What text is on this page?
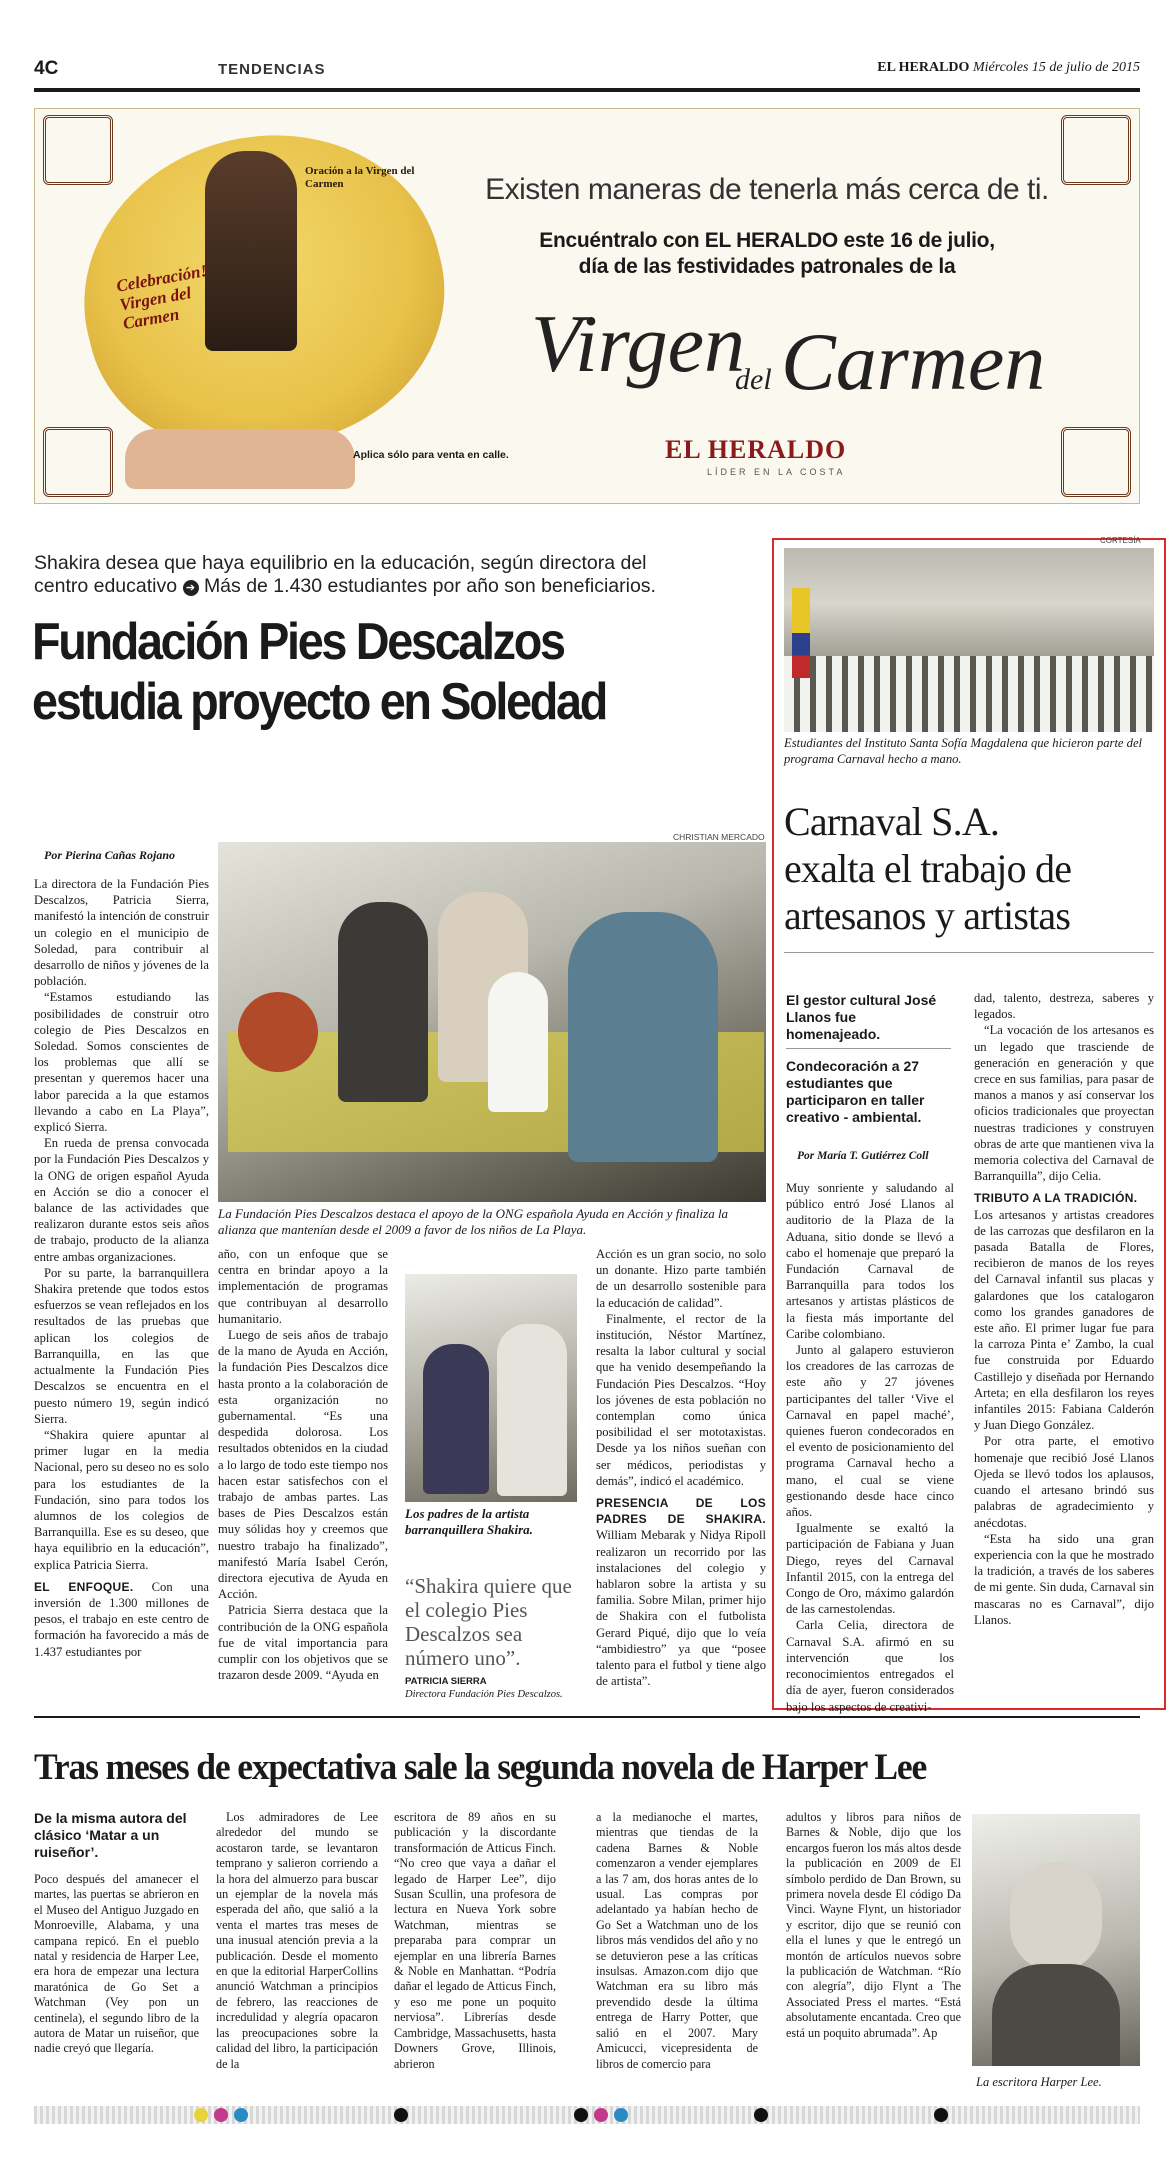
4C	TENDENCIAS	EL HERALDO Miércoles 15 de julio de 2015
Oración a la Virgen del Carmen
Celebración! Virgen del Carmen
Aplica sólo para venta en calle.
Existen maneras de tenerla más cerca de ti.
Encuéntralo con EL HERALDO este 16 de julio,
día de las festividades patronales de la
Virgen
del Carmen
EL HERALDO
LÍDER EN LA COSTA
Shakira desea que haya equilibrio en la educación, según directora del
centro educativo ➔ Más de 1.430 estudiantes por año son beneficiarios.
Fundación Pies Descalzos
estudia proyecto en Soledad
CHRISTIAN MERCADO
La Fundación Pies Descalzos destaca el apoyo de la ONG española Ayuda en Acción y finaliza la alianza que mantenían desde el 2009 a favor de los niños de La Playa.
Por Pierina Cañas Rojano

La directora de la Fundación Pies Descalzos, Patricia Sierra, manifestó la intención de construir un colegio en el municipio de Soledad, para contribuir al desarrollo de niños y jóvenes de la población.

“Estamos estudiando las posibilidades de construir otro colegio de Pies Descalzos en Soledad. Somos conscientes de los problemas que allí se presentan y queremos hacer una labor parecida a la que estamos llevando a cabo en La Playa”, explicó Sierra.

En rueda de prensa convocada por la Fundación Pies Descalzos y la ONG de origen español Ayuda en Acción se dio a conocer el balance de las actividades que realizaron durante estos seis años de trabajo, producto de la alianza entre ambas organizaciones.

Por su parte, la barranquillera Shakira pretende que todos estos esfuerzos se vean reflejados en los resultados de las pruebas que aplican los colegios de Barranquilla, en las que actualmente la Fundación Pies Descalzos se encuentra en el puesto número 19, según indicó Sierra.

“Shakira quiere apuntar al primer lugar en la media Nacional, pero su deseo no es solo para los estudiantes de la Fundación, sino para todos los alumnos de los colegios de Barranquilla. Ese es su deseo, que haya equilibrio en la educación”, explica Patricia Sierra.

EL ENFOQUE. Con una inversión de 1.300 millones de pesos, el trabajo en este centro de formación ha favorecido a más de 1.437 estudiantes por

año, con un enfoque que se centra en brindar apoyo a la implementación de programas que contribuyan al desarrollo humanitario.

Luego de seis años de trabajo de la mano de Ayuda en Acción, la fundación Pies Descalzos dice hasta pronto a la colaboración de esta organización no gubernamental. “Es una despedida dolorosa. Los resultados obtenidos en la ciudad a lo largo de todo este tiempo nos hacen estar satisfechos con el trabajo de ambas partes. Las bases de Pies Descalzos están muy sólidas hoy y creemos que nuestro trabajo ha finalizado”, manifestó María Isabel Cerón, directora ejecutiva de Ayuda en Acción.

Patricia Sierra destaca que la contribución de la ONG española fue de vital importancia para cumplir con los objetivos que se trazaron desde 2009. “Ayuda en

Los padres de la artista barranquillera Shakira.
“Shakira quiere que el colegio Pies Descalzos sea número uno”.
PATRICIA SIERRA
Directora Fundación Pies Descalzos.

Acción es un gran socio, no solo un donante. Hizo parte también de un desarrollo sostenible para la educación de calidad”.

Finalmente, el rector de la institución, Néstor Martínez, resalta la labor cultural y social que ha venido desempeñando la Fundación Pies Descalzos. “Hoy los jóvenes de esta población no contemplan como única posibilidad el ser mototaxistas. Desde ya los niños sueñan con ser médicos, periodistas y demás”, indicó el académico.

PRESENCIA DE LOS PADRES DE SHAKIRA. William Mebarak y Nidya Ripoll realizaron un recorrido por las instalaciones del colegio y hablaron sobre la artista y su familia. Sobre Milan, primer hijo de Shakira con el futbolista Gerard Piqué, dijo que lo veía “ambidiestro” ya que “posee talento para el futbol y tiene algo de artista”.

CORTESÍA
Estudiantes del Instituto Santa Sofía Magdalena que hicieron parte del programa Carnaval hecho a mano.
Carnaval S.A.
exalta el trabajo de
artesanos y artistas
El gestor cultural José Llanos fue homenajeado.
Condecoración a 27 estudiantes que participaron en taller creativo - ambiental.
Por María T. Gutiérrez Coll

Muy sonriente y saludando al público entró José Llanos al auditorio de la Plaza de la Aduana, sitio donde se llevó a cabo el homenaje que preparó la Fundación Carnaval de Barranquilla para todos los artesanos y artistas plásticos de la fiesta más importante del Caribe colombiano.

Junto al galapero estuvieron los creadores de las carrozas de este año y 27 jóvenes participantes del taller ‘Vive el Carnaval en papel maché’, quienes fueron condecorados en el evento de posicionamiento del programa Carnaval hecho a mano, el cual se viene gestionando desde hace cinco años.

Igualmente se exaltó la participación de Fabiana y Juan Diego, reyes del Carnaval Infantil 2015, con la entrega del Congo de Oro, máximo galardón de las carnestolendas.

Carla Celia, directora de Carnaval S.A. afirmó en su intervención que los reconocimientos entregados el día de ayer, fueron considerados bajo los aspectos de creativi-

dad, talento, destreza, saberes y legados.

“La vocación de los artesanos es un legado que trasciende de generación en generación y que crece en sus familias, para pasar de manos a manos y así conservar los oficios tradicionales que proyectan nuestras tradiciones y construyen obras de arte que mantienen viva la memoria colectiva del Carnaval de Barranquilla”, dijo Celia.

TRIBUTO A LA TRADICIÓN.

Los artesanos y artistas creadores de las carrozas que desfilaron en la pasada Batalla de Flores, recibieron de manos de los reyes del Carnaval infantil sus placas y galardones que los catalogaron como los grandes ganadores de este año. El primer lugar fue para la carroza Pinta e’ Zambo, la cual fue construida por Eduardo Castillejo y diseñada por Hernando Arteta; en ella desfilaron los reyes infantiles 2015: Fabiana Calderón y Juan Diego González.

Por otra parte, el emotivo homenaje que recibió José Llanos Ojeda se llevó todos los aplausos, cuando el artesano brindó sus palabras de agradecimiento y anécdotas.

“Esta ha sido una gran experiencia con la que he mostrado la tradición, a través de los saberes de mi gente. Sin duda, Carnaval sin mascaras no es Carnaval”, dijo Llanos.

Tras meses de expectativa sale la segunda novela de Harper Lee
De la misma autora del clásico ‘Matar a un ruiseñor’.

Poco después del amanecer el martes, las puertas se abrieron en el Museo del Antiguo Juzgado en Monroeville, Alabama, y una campana repicó. En el pueblo natal y residencia de Harper Lee, era hora de empezar una lectura maratónica de Go Set a Watchman (Vey pon un centinela), el segundo libro de la autora de Matar un ruiseñor, que nadie creyó que llegaría.

Los admiradores de Lee alrededor del mundo se acostaron tarde, se levantaron temprano y salieron corriendo a la hora del almuerzo para buscar un ejemplar de la novela más esperada del año, que salió a la venta el martes tras meses de una inusual atención previa a la publicación. Desde el momento en que la editorial HarperCollins anunció Watchman a principios de febrero, las reacciones de incredulidad y alegría opacaron las preocupaciones sobre la calidad del libro, la participación de la

escritora de 89 años en su publicación y la discordante transformación de Atticus Finch. “No creo que vaya a dañar el legado de Harper Lee”, dijo Susan Scullin, una profesora de lectura en Nueva York sobre Watchman, mientras se preparaba para comprar un ejemplar en una librería Barnes & Noble en Manhattan. “Podría dañar el legado de Atticus Finch, y eso me pone un poquito nerviosa”. Librerías desde Cambridge, Massachusetts, hasta Downers Grove, Illinois, abrieron

a la medianoche el martes, mientras que tiendas de la cadena Barnes & Noble comenzaron a vender ejemplares a las 7 am, dos horas antes de lo usual. Las compras por adelantado ya habían hecho de Go Set a Watchman uno de los libros más vendidos del año y no se detuvieron pese a las críticas insulsas. Amazon.com dijo que Watchman era su libro más prevendido desde la última entrega de Harry Potter, que salió en el 2007. Mary Amicucci, vicepresidenta de libros de comercio para

adultos y libros para niños de Barnes & Noble, dijo que los encargos fueron los más altos desde la publicación en 2009 de El símbolo perdido de Dan Brown, su primera novela desde El código Da Vinci. Wayne Flynt, un historiador y escritor, dijo que se reunió con ella el lunes y que le entregó un montón de artículos nuevos sobre la publicación de Watchman. “Río con alegría”, dijo Flynt a The Associated Press el martes. “Está absolutamente encantada. Creo que está un poquito abrumada”. Ap

La escritora Harper Lee.
